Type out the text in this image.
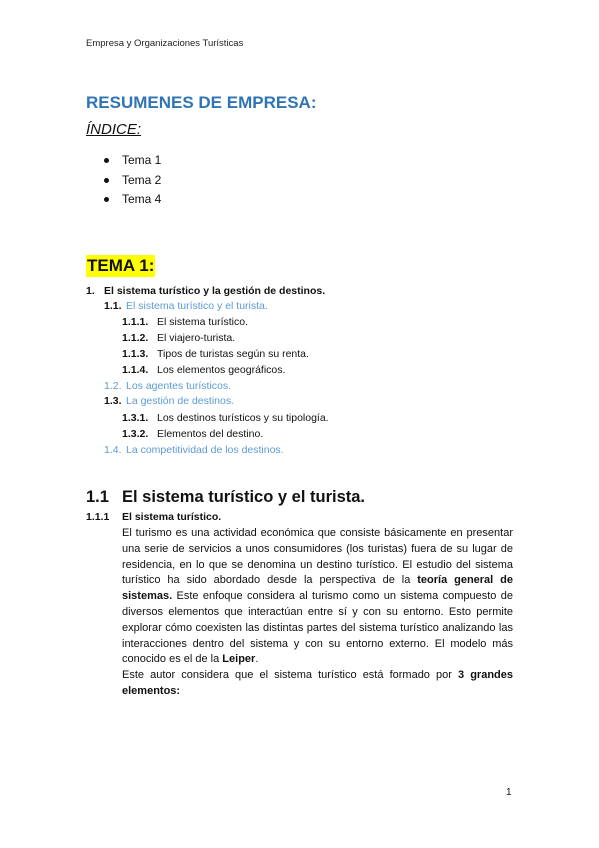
Empresa y Organizaciones Turísticas
RESUMENES DE EMPRESA:
ÍNDICE:
Tema 1
Tema 2
Tema 4
TEMA 1:
1. El sistema turístico y la gestión de destinos.
1.1. El sistema turístico y el turista.
1.1.1. El sistema turístico.
1.1.2. El viajero-turista.
1.1.3. Tipos de turistas según su renta.
1.1.4. Los elementos geográficos.
1.2. Los agentes turísticos.
1.3. La gestión de destinos.
1.3.1. Los destinos turísticos y su tipología.
1.3.2. Elementos del destino.
1.4. La competitividad de los destinos.
1.1 El sistema turístico y el turista.
1.1.1 El sistema turístico.

El turismo es una actividad económica que consiste básicamente en presentar una serie de servicios a unos consumidores (los turistas) fuera de su lugar de residencia, en lo que se denomina un destino turístico. El estudio del sistema turístico ha sido abordado desde la perspectiva de la teoría general de sistemas. Este enfoque considera al turismo como un sistema compuesto de diversos elementos que interactúan entre sí y con su entorno. Esto permite explorar cómo coexisten las distintas partes del sistema turístico analizando las interacciones dentro del sistema y con su entorno externo. El modelo más conocido es el de la Leiper.
Este autor considera que el sistema turístico está formado por 3 grandes elementos:

1
